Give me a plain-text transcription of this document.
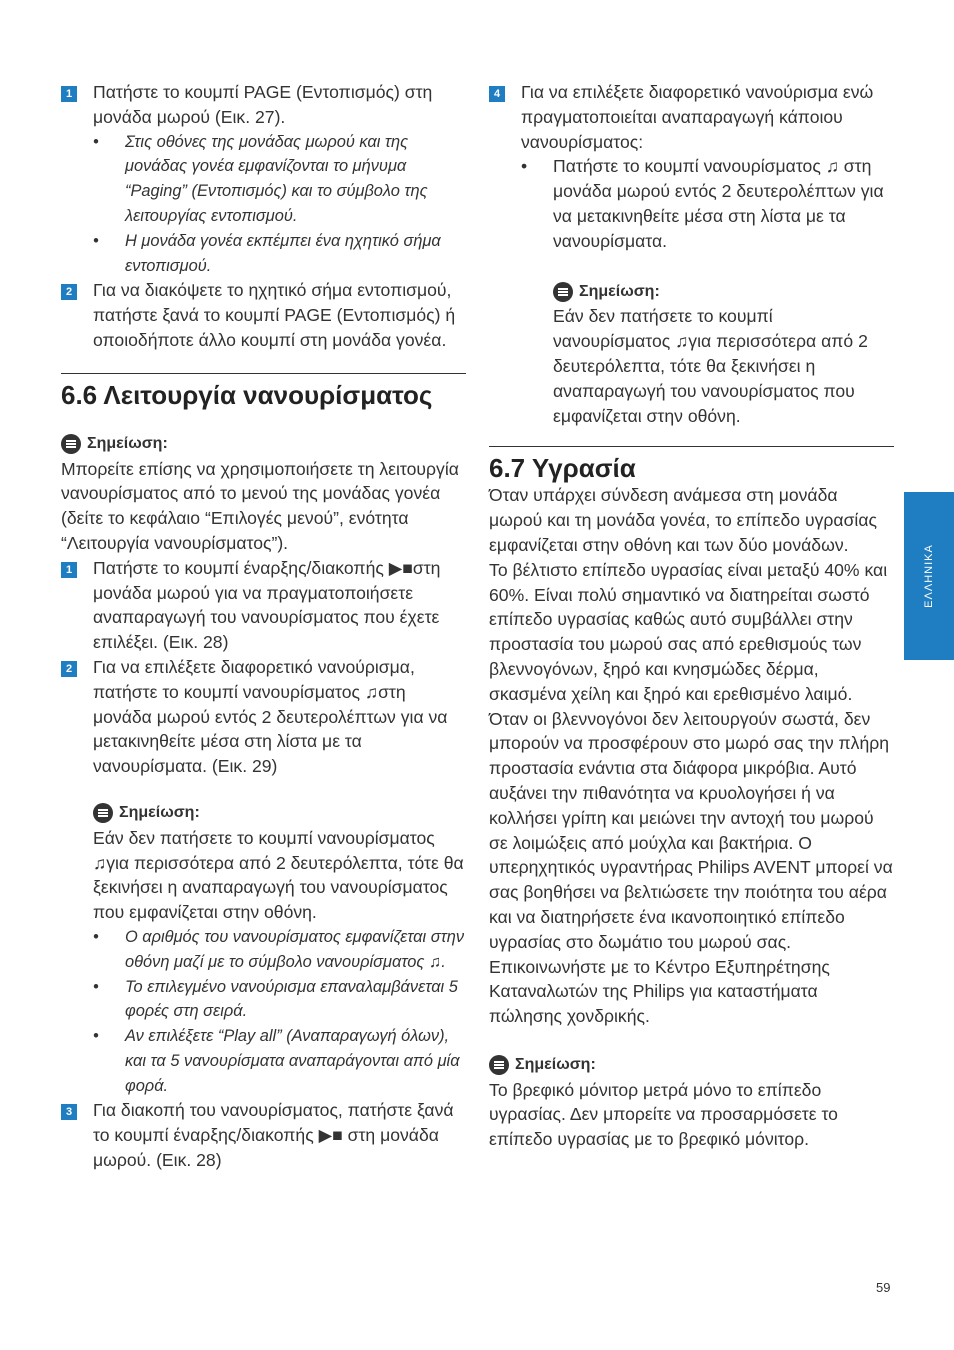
1 Πατήστε το κουμπί PAGE (Εντοπισμός) στη μονάδα μωρού (Εικ. 27).
• Στις οθόνες της μονάδας μωρού και της μονάδας γονέα εμφανίζονται το μήνυμα “Paging” (Εντοπισμός) και το σύμβολο της λειτουργίας εντοπισμού.
• Η μονάδα γονέα εκπέμπει ένα ηχητικό σήμα εντοπισμού.
2 Για να διακόψετε το ηχητικό σήμα εντοπισμού, πατήστε ξανά το κουμπί PAGE (Εντοπισμός) ή οποιοδήποτε άλλο κουμπί στη μονάδα γονέα.
6.6 Λειτουργία νανουρίσματος
Σημείωση:
Μπορείτε επίσης να χρησιμοποιήσετε τη λειτουργία νανουρίσματος από το μενού της μονάδας γονέα (δείτε το κεφάλαιο “Επιλογές μενού”, ενότητα “Λειτουργία νανουρίσματος”).
1 Πατήστε το κουμπί έναρξης/διακοπής ▶■στη μονάδα μωρού για να πραγματοποιήσετε αναπαραγωγή του νανουρίσματος που έχετε επιλέξει. (Εικ. 28)
2 Για να επιλέξετε διαφορετικό νανούρισμα, πατήστε το κουμπί νανουρίσματος ♫στη μονάδα μωρού εντός 2 δευτερολέπτων για να μετακινηθείτε μέσα στη λίστα με τα νανουρίσματα. (Εικ. 29)
Σημείωση:
Εάν δεν πατήσετε το κουμπί νανουρίσματος ♫για περισσότερα από 2 δευτερόλεπτα, τότε θα ξεκινήσει η αναπαραγωγή του νανουρίσματος που εμφανίζεται στην οθόνη.
• Ο αριθμός του νανουρίσματος εμφανίζεται στην οθόνη μαζί με το σύμβολο νανουρίσματος ♫.
• Το επιλεγμένο νανούρισμα επαναλαμβάνεται 5 φορές στη σειρά.
• Αν επιλέξετε “Play all” (Αναπαραγωγή όλων), και τα 5 νανουρίσματα αναπαράγονται από μία φορά.
3 Για διακοπή του νανουρίσματος, πατήστε ξανά το κουμπί έναρξης/διακοπής ▶■ στη μονάδα μωρού. (Εικ. 28)
4 Για να επιλέξετε διαφορετικό νανούρισμα ενώ πραγματοποιείται αναπαραγωγή κάποιου νανουρίσματος:
• Πατήστε το κουμπί νανουρίσματος ♫ στη μονάδα μωρού εντός 2 δευτερολέπτων για να μετακινηθείτε μέσα στη λίστα με τα νανουρίσματα.
Σημείωση:
Εάν δεν πατήσετε το κουμπί νανουρίσματος ♫για περισσότερα από 2 δευτερόλεπτα, τότε θα ξεκινήσει η αναπαραγωγή του νανουρίσματος που εμφανίζεται στην οθόνη.
6.7 Υγρασία
Όταν υπάρχει σύνδεση ανάμεσα στη μονάδα μωρού και τη μονάδα γονέα, το επίπεδο υγρασίας εμφανίζεται στην οθόνη και των δύο μονάδων.
Το βέλτιστο επίπεδο υγρασίας είναι μεταξύ 40% και 60%. Είναι πολύ σημαντικό να διατηρείται σωστό επίπεδο υγρασίας καθώς αυτό συμβάλλει στην προστασία του μωρού σας από ερεθισμούς των βλεννογόνων, ξηρό και κνησμώδες δέρμα, σκασμένα χείλη και ξηρό και ερεθισμένο λαιμό. Όταν οι βλεννογόνοι δεν λειτουργούν σωστά, δεν μπορούν να προσφέρουν στο μωρό σας την πλήρη προστασία ενάντια στα διάφορα μικρόβια. Αυτό αυξάνει την πιθανότητα να κρυολογήσει ή να κολλήσει γρίπη και μειώνει την αντοχή του μωρού σε λοιμώξεις από μούχλα και βακτήρια. Ο υπερηχητικός υγραντήρας Philips AVENT μπορεί να σας βοηθήσει να βελτιώσετε την ποιότητα του αέρα και να διατηρήσετε ένα ικανοποιητικό επίπεδο υγρασίας στο δωμάτιο του μωρού σας. Επικοινωνήστε με το Κέντρο Εξυπηρέτησης Καταναλωτών της Philips για καταστήματα πώλησης χονδρικής.
Σημείωση:
Το βρεφικό μόνιτορ μετρά μόνο το επίπεδο υγρασίας. Δεν μπορείτε να προσαρμόσετε το επίπεδο υγρασίας με το βρεφικό μόνιτορ.
ΕΛΛΗΝΙΚΑ
59
